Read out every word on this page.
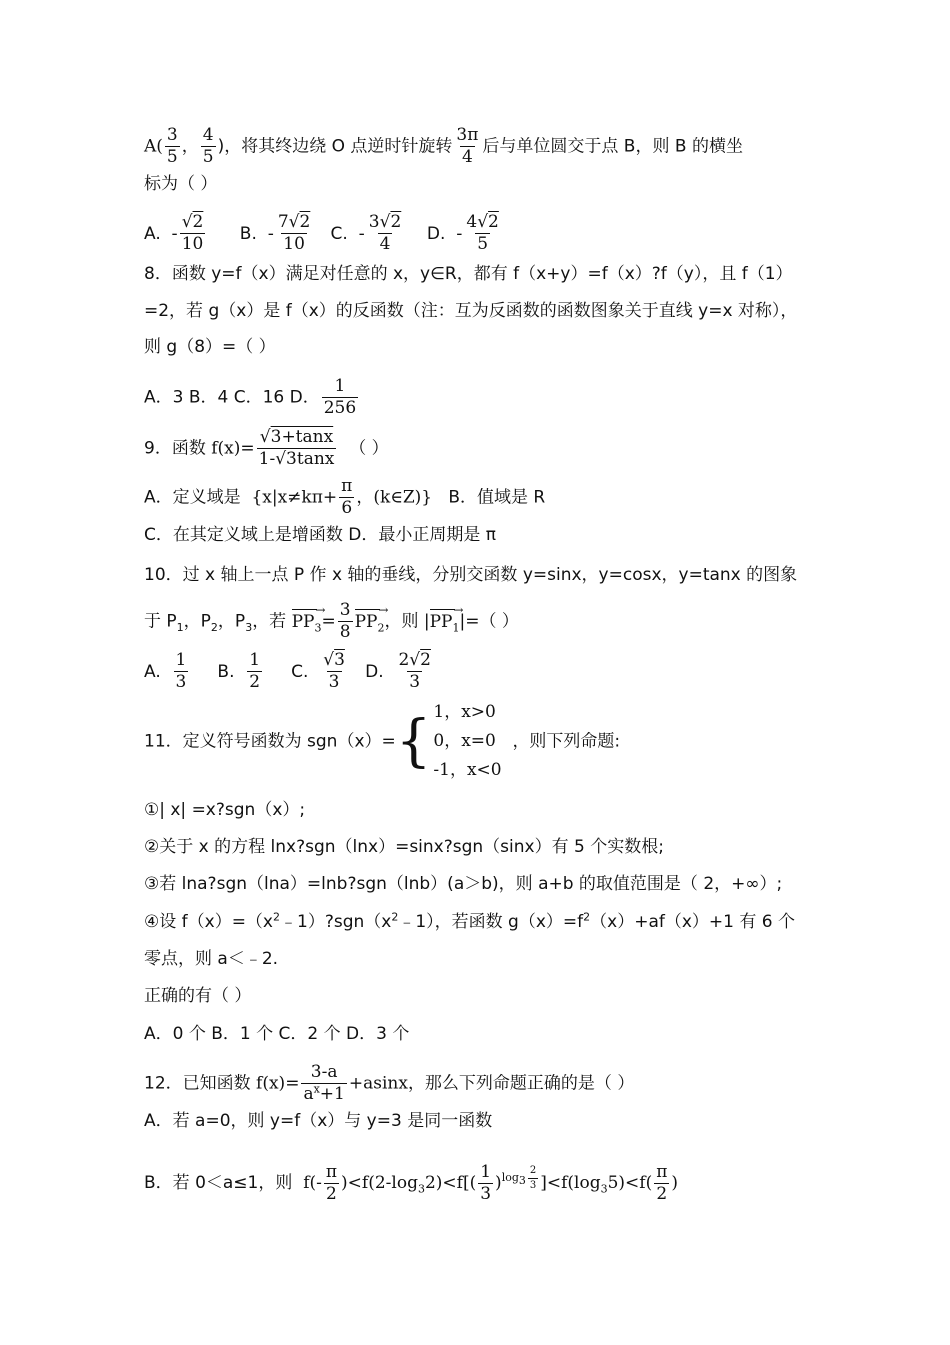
$A( \frac{3}{5}$ ， $\frac{4}{5}$ )，将其终边绕 O 点逆时针旋转 $\frac{3\pi}{4}$ 后与单位圆交于点 B，则 B 的横坐
标为（ ）
A. - $\frac{√2}{10} B$. - $\frac{7√2}{10} C$. - $\frac{3√2}{4} D$. - $\frac{4√2}{5}$
8．函数 y=f（x）满足对任意的 x，y∈R，都有 f（x+y）=f（x）?f（y），且 f（1）
=2，若 g（x）是 f（x）的反函数（注：互为反函数的函数图象关于直线 y=x 对称），
则 g（8）=（ ）
A．3 B．4 C．16 D． $\frac{1}{256}$
9．函数 $f(x)= \frac{√3+\tan x}{1-√3\tan x}$ （ ）
A．定义域是 {$x|x\ne k\pi+ \frac{\pi}{6}$ ，(k∈Z)} B．值域是 R
C．在其定义域上是增函数 D．最小正周期是 π
10．过 x 轴上一点 P 作 x 轴的垂线，分别交函数 y=sinx，y=cosx，y=tanx 的图象
于 $P_1$，$P_2$，$P_3$，若 $PP_3 \to= \frac{3}{8} PP_2$ →，则 $|PP_1$ →|=（ ）
A. $\frac{1}{3} B$. $\frac{1}{2} C$. $\frac{√3}{3} D$. $\frac{2√2}{3}$
11．定义符号函数为 sgn（x）={ 1，x>0
0，x=0
-1，x<0
，则下列命题:
①| x| =x?sgn（x）;
②关于 x 的方程 lnx?sgn（lnx）=sinx?sgn（sinx）有 5 个实数根;
③若 lna?sgn（lna）=lnb?sgn（lnb）(a＞b)，则 a+b 的取值范围是（ 2，+∞）;
④设 $f(x)=(x^2﹣1)?sgn(x^2﹣1)$，若函数 $g(x)=f^2(x)+af(x)+1$ 有 6 个
零点，则 a＜﹣2.
正确的有（ ）
A．0 个 B．1 个 C．2 个 D．3 个
12．已知函数 $f(x)= \frac{3-a}{a^x+1} +asinx$，那么下列命题正确的是（ ）
A．若 a=0，则 y=f（x）与 y=3 是同一函数
B．若 0＜a≤1，则 $f(- \frac{\pi}{2} )<f(2-\log_32)<f[( \frac{1}{3} )^{log_3 \frac{2}{3}}$ ]$<f(\log_35)<f( \frac{\pi}{2}$ )
